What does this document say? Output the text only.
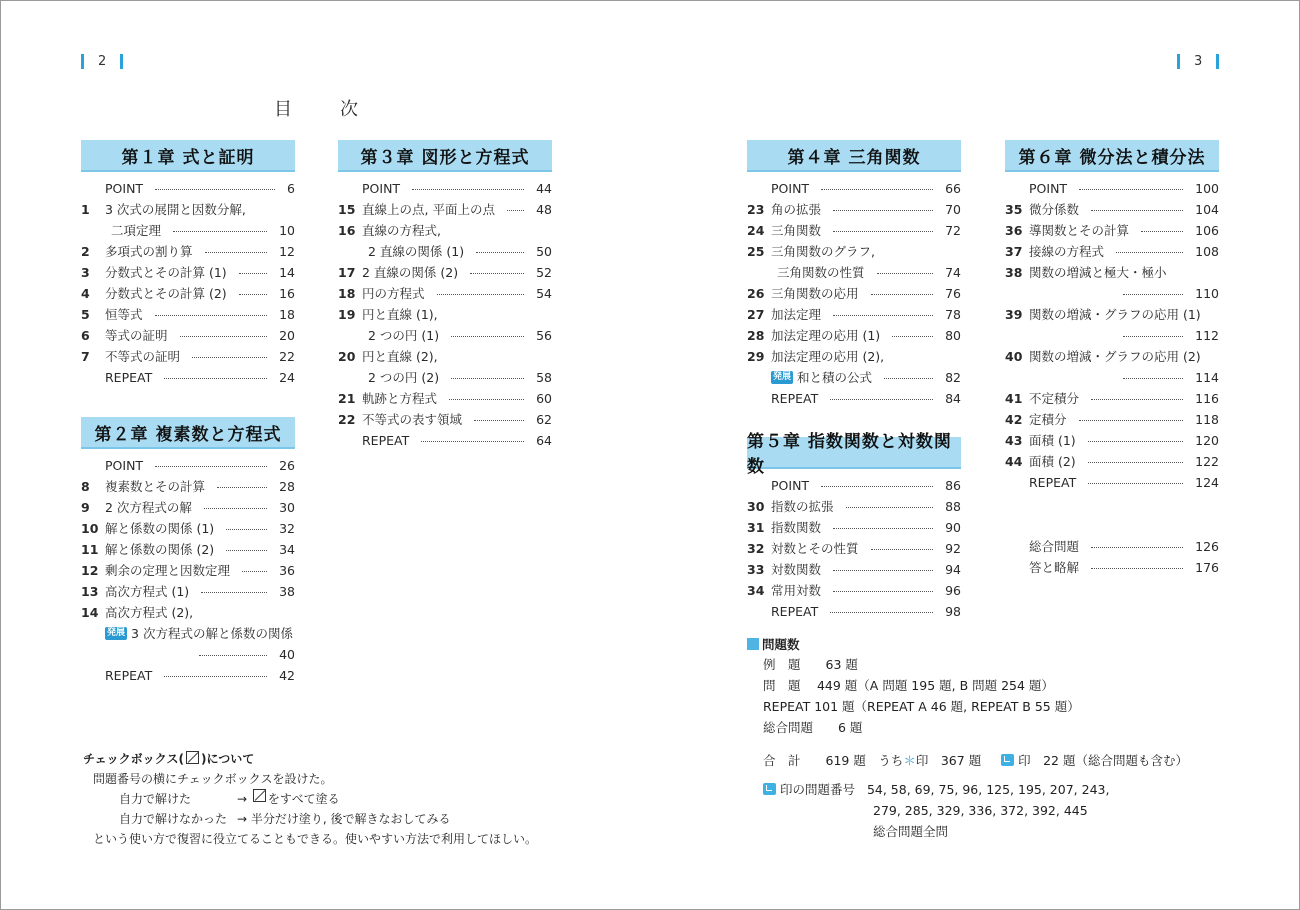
2	3
目	次
第１章 式と証明
POINT	6
1	3 次式の展開と因数分解,
二項定理	10
2	多項式の割り算	12
3	分数式とその計算 (1)	14
4	分数式とその計算 (2)	16
5	恒等式	18
6	等式の証明	20
7	不等式の証明	22
REPEAT	24
第２章 複素数と方程式
POINT	26
8	複素数とその計算	28
9	2 次方程式の解	30
10 解と係数の関係 (1)	32
11 解と係数の関係 (2)	34
12 剰余の定理と因数定理	36
13 高次方程式 (1)	38
14 高次方程式 (2),
発展 3 次方程式の解と係数の関係
40
REPEAT	42
第３章 図形と方程式
POINT	44
15 直線上の点, 平面上の点	48
16 直線の方程式,
2 直線の関係 (1)	50
17 2 直線の関係 (2)	52
18 円の方程式	54
19 円と直線 (1),
2 つの円 (1)	56
20 円と直線 (2),
2 つの円 (2)	58
21 軌跡と方程式	60
22 不等式の表す領域	62
REPEAT	64
第４章 三角関数
POINT	66
23 角の拡張	70
24 三角関数	72
25 三角関数のグラフ,
三角関数の性質	74
26 三角関数の応用	76
27 加法定理	78
28 加法定理の応用 (1)	80
29 加法定理の応用 (2),
発展 和と積の公式	82
REPEAT	84
第５章 指数関数と対数関数
POINT	86
30 指数の拡張	88
31 指数関数	90
32 対数とその性質	92
33 対数関数	94
34 常用対数	96
REPEAT	98
第６章 微分法と積分法
POINT	100
35 微分係数	104
36 導関数とその計算	106
37 接線の方程式	108
38 関数の増減と極大・極小
110
39 関数の増減・グラフの応用 (1)
112
40 関数の増減・グラフの応用 (2)
114
41 不定積分	116
42 定積分	118
43 面積 (1)	120
44 面積 (2)	122
REPEAT	124
総合問題	126
答と略解	176
チェックボックス( )について
問題番号の横にチェックボックスを設けた。
自力で解けた	→
をすべて塗る
自力で解けなかった → 半分だけ塗り, 後で解きなおしてみる
という使い方で復習に役立てることもできる。使いやすい方法で利用してほしい。
問題数
例　題　　63 題
問　題　 449 題（A 問題 195 題, B 問題 254 題）
REPEAT 101 題（REPEAT A 46 題, REPEAT B 55 題）
総合問題　　6 題
合　計　　619 題　うち＊印　367 題	印　22 題（総合問題も含む）
印の問題番号 54, 58, 69, 75, 96, 125, 195, 207, 243,
279, 285, 329, 336, 372, 392, 445
総合問題全問
